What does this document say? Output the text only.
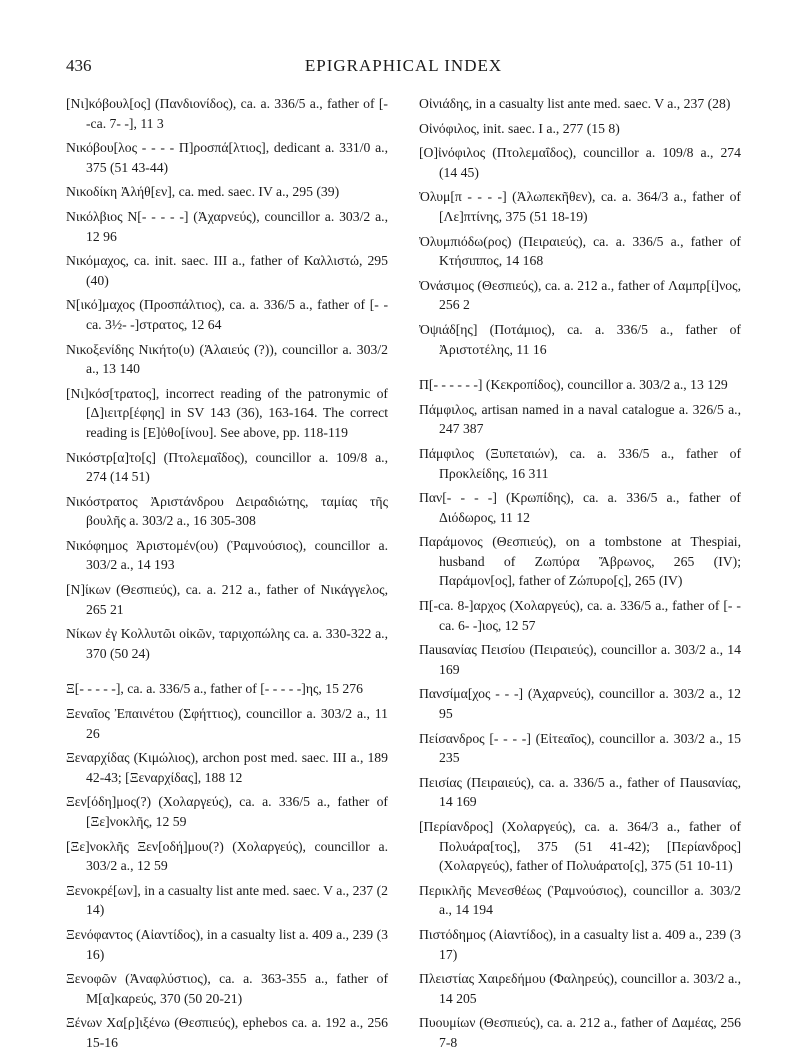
436	EPIGRAPHICAL INDEX

[Νι]κόβουλ[ος] (Πανδιονίδος), ca. a. 336/5 a., father of [- -ca. 7- -], 11 3

Νικόβου[λος - - - - Π]ροσπά[λτιος], dedicant a. 331/0 a., 375 (51 43-44)

Νικοδίκη Ἀλήθ[εν], ca. med. saec. IV a., 295 (39)

Νικόλβιος Ν[- - - - -] (Ἀχαρνεύς), councillor a. 303/2 a., 12 96

Νικόμαχος, ca. init. saec. III a., father of Καλλιστώ, 295 (40)

Ν[ικό]μαχος (Προσπάλτιος), ca. a. 336/5 a., father of [- -ca. 3½- -]στρατος, 12 64

Νικοξενίδης Νικήτο(υ) (Ἁλαιεύς (?)), councillor a. 303/2 a., 13 140

[Νι]κόσ[τρατος], incorrect reading of the patronymic of [Δ]ιειτρ[έφης] in SV 143 (36), 163-164. The correct reading is [Ε]ὐθο[ίνου]. See above, pp. 118-119

Νικόστρ[α]το[ς] (Πτολεμαΐδος), councillor a. 109/8 a., 274 (14 51)

Νικόστρατος Ἀριστάνδρου Δειραδιώτης, ταμίας τῆς βουλῆς a. 303/2 a., 16 305-308

Νικόφημος Ἀριστομέν(ου) (Ῥαμνούσιος), councillor a. 303/2 a., 14 193

[Ν]ίκων (Θεσπιεύς), ca. a. 212 a., father of Νικάγγελος, 265 21

Νίκων ἐγ Κολλυτῶι οἰκῶν, ταριχοπώλης ca. a. 330-322 a., 370 (50 24)

Ξ[- - - - -], ca. a. 336/5 a., father of [- - - - -]ης, 15 276

Ξεναῖος Ἐπαινέτου (Σφήττιος), councillor a. 303/2 a., 11 26

Ξεναρχίδας (Κιμώλιος), archon post med. saec. III a., 189 42-43; [Ξεναρχίδας], 188 12

Ξεν[όδη]μος(?) (Χολαργεύς), ca. a. 336/5 a., father of [Ξε]νοκλῆς, 12 59

[Ξε]νοκλῆς Ξεν[οδή]μου(?) (Χολαργεύς), councillor a. 303/2 a., 12 59

Ξενοκρέ[ων], in a casualty list ante med. saec. V a., 237 (2 14)

Ξενόφαντος (Αἰαντίδος), in a casualty list a. 409 a., 239 (3 16)

Ξενοφῶν (Ἀναφλύστιος), ca. a. 363-355 a., father of Μ[α]καρεύς, 370 (50 20-21)

Ξένων Χα[ρ]ιξένω (Θεσπιεύς), ephebos ca. a. 192 a., 256 15-16

Οἰνιάδης, in a casualty list ante med. saec. V a., 237 (28)

Οἰνόφιλος, init. saec. I a., 277 (15 8)

[Ο]ἰνόφιλος (Πτολεμαΐδος), councillor a. 109/8 a., 274 (14 45)

Ὀλυμ[π - - - -] (Ἀλωπεκῆθεν), ca. a. 364/3 a., father of [Λε]πτίνης, 375 (51 18-19)

Ὀλυμπιόδω(ρος) (Πειραιεύς), ca. a. 336/5 a., father of Κτήσιππος, 14 168

Ὀνάσιμος (Θεσπιεύς), ca. a. 212 a., father of Λαμπρ[ί]νος, 256 2

Ὀψιάδ[ης] (Ποτάμιος), ca. a. 336/5 a., father of Ἀριστοτέλης, 11 16

Π[- - - - - -] (Κεκροπίδος), councillor a. 303/2 a., 13 129

Πάμφιλος, artisan named in a naval catalogue a. 326/5 a., 247 387

Πάμφιλος (Ξυπεταιών), ca. a. 336/5 a., father of Προκλείδης, 16 311

Παν[- - - -] (Κρωπίδης), ca. a. 336/5 a., father of Διόδωρος, 11 12

Παράμονος (Θεσπιεύς), on a tombstone at Thespiai, husband of Ζωπύρα Ἄβρωνος, 265 (IV); Παράμον[ος], father of Ζώπυρο[ς], 265 (IV)

Π[-ca. 8-]αρχος (Χολαργεύς), ca. a. 336/5 a., father of [- -ca. 6- -]ιος, 12 57

Πausανίας Πεισίου (Πειραιεύς), councillor a. 303/2 a., 14 169

Πανσίμα[χος - - -] (Ἀχαρνεύς), councillor a. 303/2 a., 12 95

Πείσανδρος [- - - -] (Εἰτεαῖος), councillor a. 303/2 a., 15 235

Πεισίας (Πειραιεύς), ca. a. 336/5 a., father of Πausανίας, 14 169

[Περίανδρος] (Χολαργεύς), ca. a. 364/3 a., father of Πολυάρα[τος], 375 (51 41-42); [Περίανδρος] (Χολαργεύς), father of Πολυάρατο[ς], 375 (51 10-11)

Περικλῆς Μενεσθέως (Ῥαμνούσιος), councillor a. 303/2 a., 14 194

Πιστόδημος (Αἰαντίδος), in a casualty list a. 409 a., 239 (3 17)

Πλειστίας Χαιρεδήμου (Φαληρεύς), councillor a. 303/2 a., 14 205

Πυουμίων (Θεσπιεύς), ca. a. 212 a., father of Δαμέας, 256 7-8
